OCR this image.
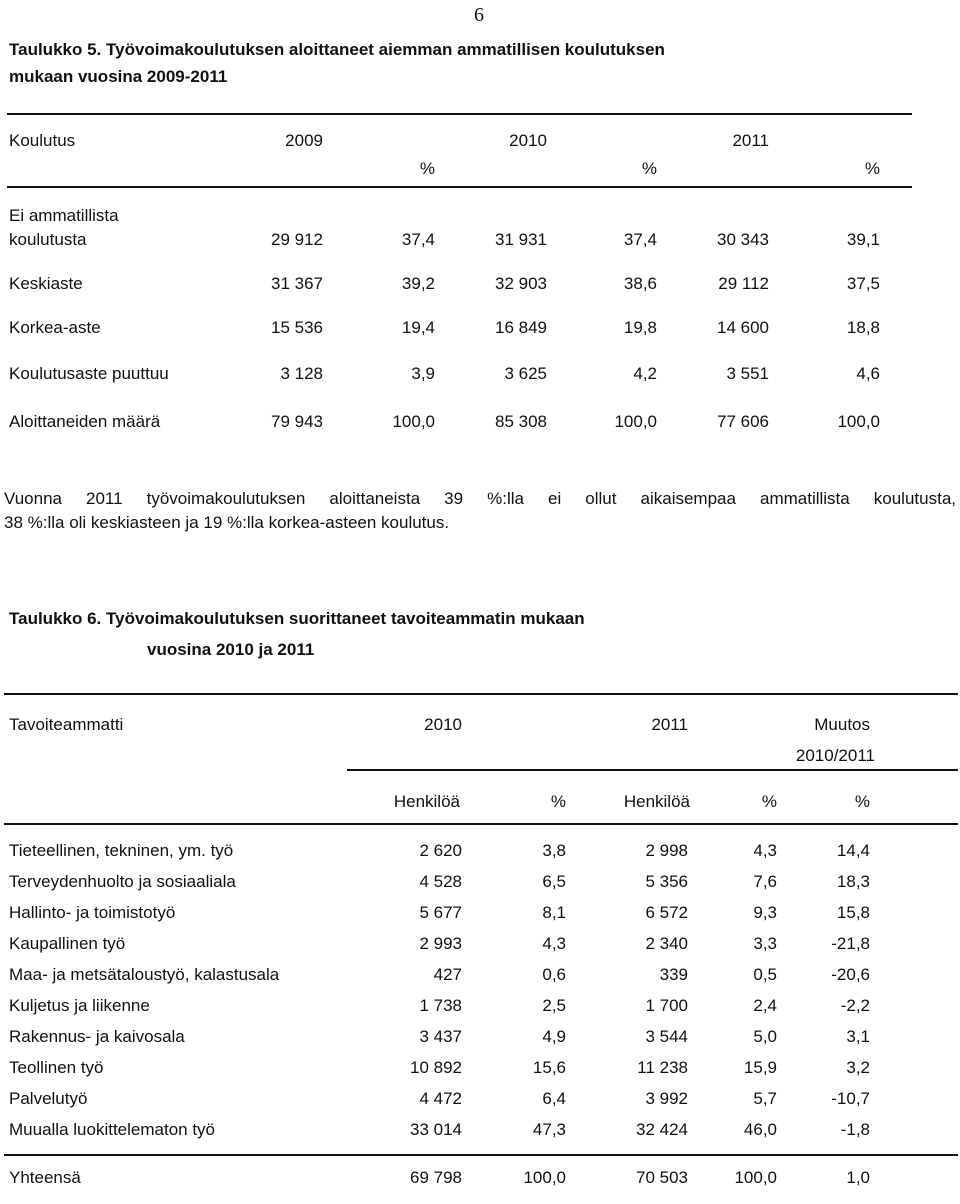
6
Taulukko 5. Työvoimakoulutuksen aloittaneet aiemman ammatillisen koulutuksen
mukaan vuosina 2009-2011
Koulutus	2009	2010	2011
%	%	%
Ei ammatillista
koulutusta	29 912	37,4	31 931	37,4	30 343	39,1
Keskiaste	31 367	39,2	32 903	38,6	29 112	37,5
Korkea-aste	15 536	19,4	16 849	19,8	14 600	18,8
Koulutusaste puuttuu	3 128	3,9	3 625	4,2	3 551	4,6
Aloittaneiden määrä	79 943	100,0	85 308	100,0	77 606	100,0
Vuonna 2011 työvoimakoulutuksen aloittaneista 39 %:lla ei ollut aikaisempaa ammatillista koulutusta,
38 %:lla oli keskiasteen ja 19 %:lla korkea-asteen koulutus.
Taulukko 6. Työvoimakoulutuksen suorittaneet tavoiteammatin mukaan
vuosina 2010 ja 2011
Tavoiteammatti	2010	2011	Muutos
2010/2011
Henkilöä	%	Henkilöä	%	%
Tieteellinen, tekninen, ym. työ	2 620	3,8	2 998	4,3	14,4
Terveydenhuolto ja sosiaaliala	4 528	6,5	5 356	7,6	18,3
Hallinto- ja toimistotyö	5 677	8,1	6 572	9,3	15,8
Kaupallinen työ	2 993	4,3	2 340	3,3	-21,8
Maa- ja metsätaloustyö, kalastusala	427	0,6	339	0,5	-20,6
Kuljetus ja liikenne	1 738	2,5	1 700	2,4	-2,2
Rakennus- ja kaivosala	3 437	4,9	3 544	5,0	3,1
Teollinen työ	10 892	15,6	11 238	15,9	3,2
Palvelutyö	4 472	6,4	3 992	5,7	-10,7
Muualla luokittelematon työ	33 014	47,3	32 424	46,0	-1,8
Yhteensä	69 798	100,0	70 503	100,0	1,0
